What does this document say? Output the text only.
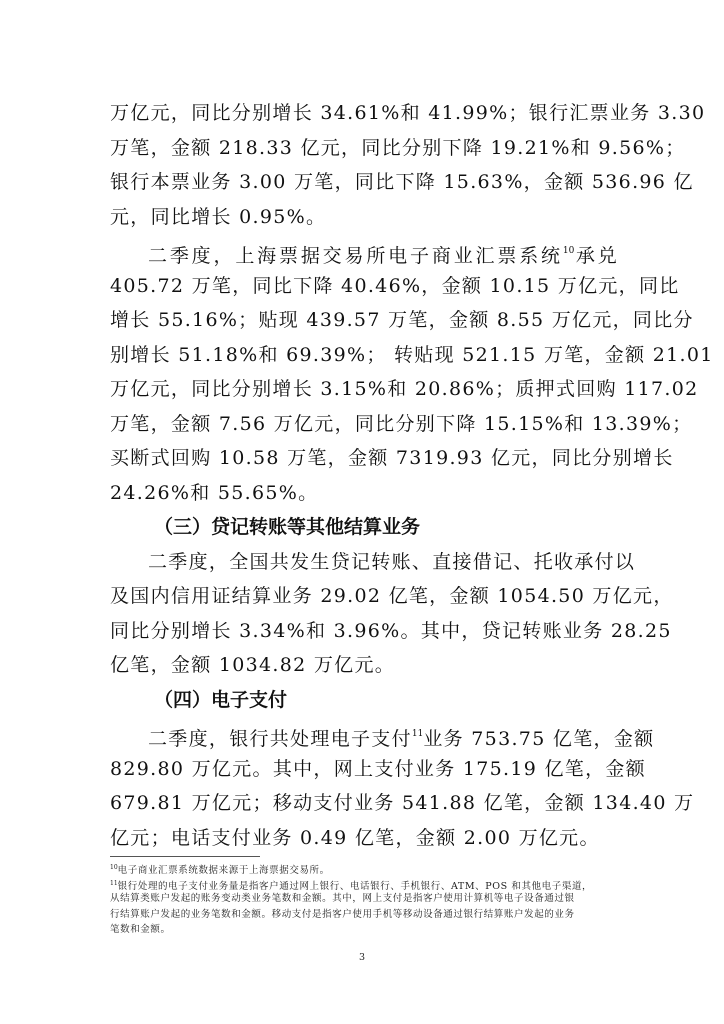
万亿元，同比分别增长 34.61%和 41.99%；银行汇票业务 3.30
万笔，金额 218.33 亿元，同比分别下降 19.21%和 9.56%；
银行本票业务 3.00 万笔，同比下降 15.63%，金额 536.96 亿
元，同比增长 0.95%。
二季度，上海票据交易所电子商业汇票系统$^{10}$承兑
405.72 万笔，同比下降 40.46%，金额 10.15 万亿元，同比
增长 55.16%；贴现 439.57 万笔，金额 8.55 万亿元，同比分
别增长 51.18%和 69.39%； 转贴现 521.15 万笔，金额 21.01
万亿元，同比分别增长 3.15%和 20.86%；质押式回购 117.02
万笔，金额 7.56 万亿元，同比分别下降 15.15%和 13.39%；
买断式回购 10.58 万笔，金额 7319.93 亿元，同比分别增长
24.26%和 55.65%。
（三）贷记转账等其他结算业务
二季度，全国共发生贷记转账、直接借记、托收承付以
及国内信用证结算业务 29.02 亿笔，金额 1054.50 万亿元，
同比分别增长 3.34%和 3.96%。其中，贷记转账业务 28.25
亿笔，金额 1034.82 万亿元。
（四）电子支付
二季度，银行共处理电子支付$^{11}$业务 753.75 亿笔，金额
829.80 万亿元。其中，网上支付业务 175.19 亿笔，金额
679.81 万亿元；移动支付业务 541.88 亿笔，金额 134.40 万
亿元；电话支付业务 0.49 亿笔，金额 2.00 万亿元。
$^{10}$电子商业汇票系统数据来源于上海票据交易所。
$^{11}$银行处理的电子支付业务量是指客户通过网上银行、电话银行、手机银行、ATM、POS 和其他电子渠道，
从结算类账户发起的账务变动类业务笔数和金额。其中，网上支付是指客户使用计算机等电子设备通过银
行结算账户发起的业务笔数和金额。移动支付是指客户使用手机等移动设备通过银行结算账户发起的业务
笔数和金额。
3
